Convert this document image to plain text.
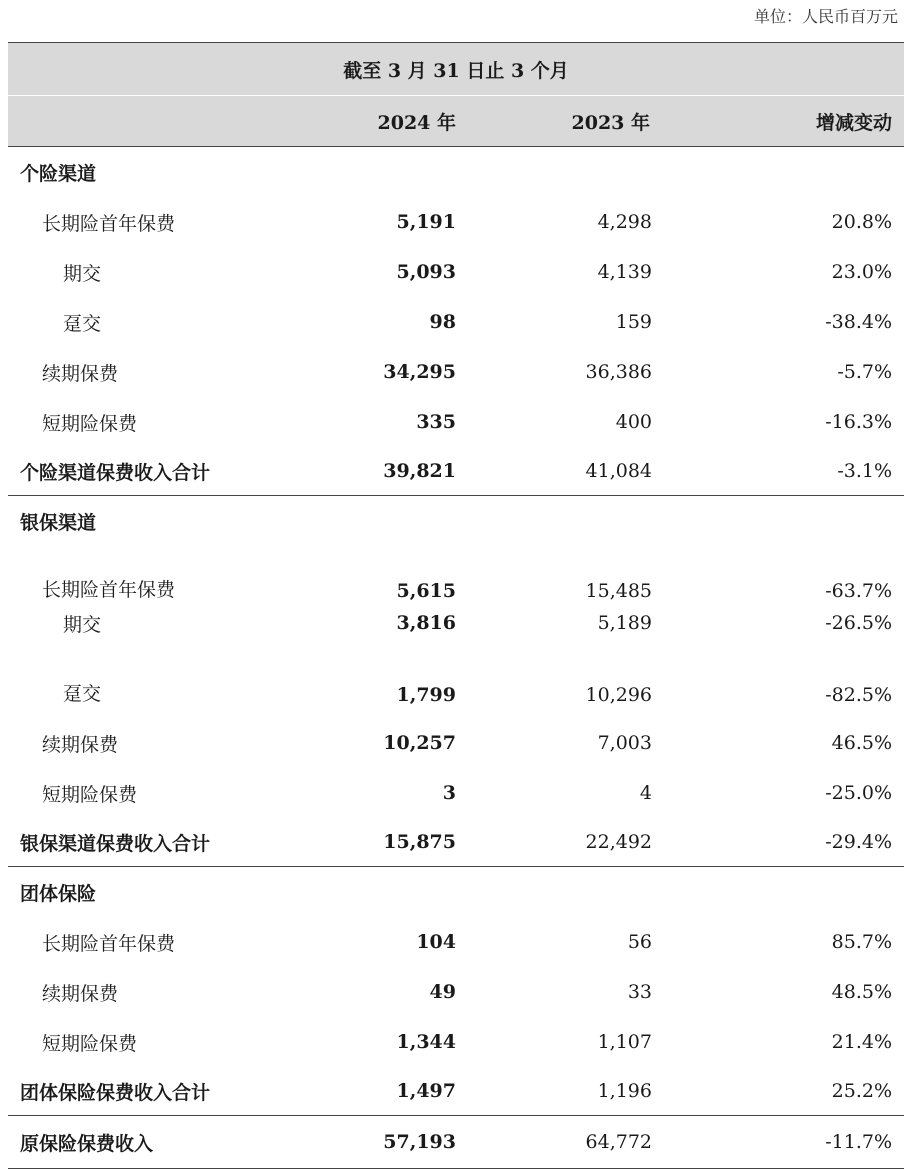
单位：人民币百万元
截至 3 月 31 日止 3 个月			
	2024 年	2023 年	增减变动
个险渠道			
长期险首年保费	5,191	4,298	20.8%
期交	5,093	4,139	23.0%
趸交	98	159	-38.4%
续期保费	34,295	36,386	-5.7%
短期险保费	335	400	-16.3%
个险渠道保费收入合计	39,821	41,084	-3.1%
银保渠道			
长期险首年保费	5,615	15,485	-63.7%
期交	3,816	5,189	-26.5%
趸交	1,799	10,296	-82.5%
续期保费	10,257	7,003	46.5%
短期险保费	3	4	-25.0%
银保渠道保费收入合计	15,875	22,492	-29.4%
团体保险			
长期险首年保费	104	56	85.7%
续期保费	49	33	48.5%
短期险保费	1,344	1,107	21.4%
团体保险保费收入合计	1,497	1,196	25.2%
原保险保费收入	57,193	64,772	-11.7%
